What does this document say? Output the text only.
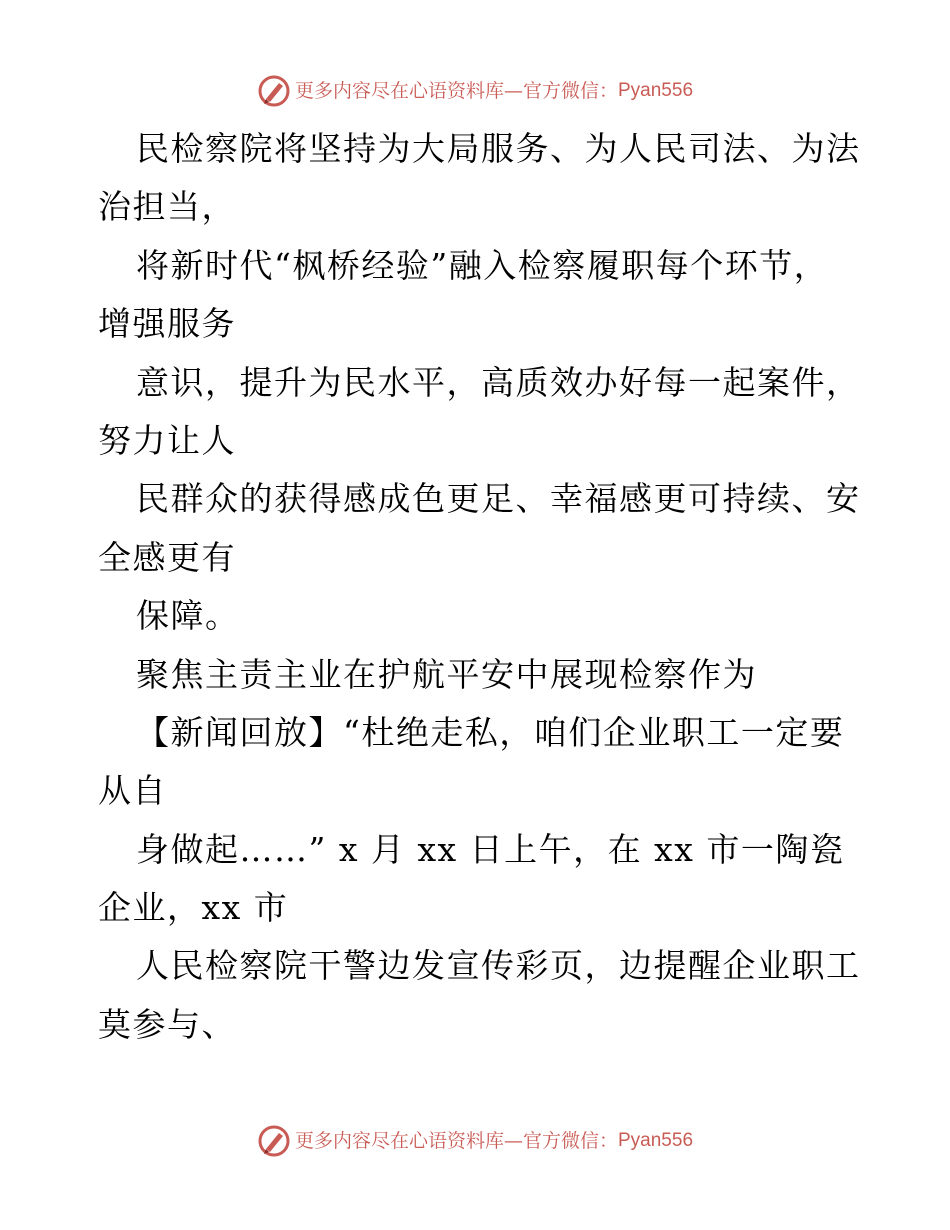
更多内容尽在心语资料库—官方微信： Pyan556
民检察院将坚持为大局服务、为人民司法、为法
治担当，
将新时代“枫桥经验”融入检察履职每个环节，
增强服务
意识，提升为民水平，高质效办好每一起案件，
努力让人
民群众的获得感成色更足、幸福感更可持续、安
全感更有
保障。
聚焦主责主业在护航平安中展现检察作为
【新闻回放】“杜绝走私，咱们企业职工一定要
从自
身做起……” x 月 xx 日上午，在 xx 市一陶瓷
企业，xx 市
人民检察院干警边发宣传彩页，边提醒企业职工
莫参与、
更多内容尽在心语资料库—官方微信： Pyan556
